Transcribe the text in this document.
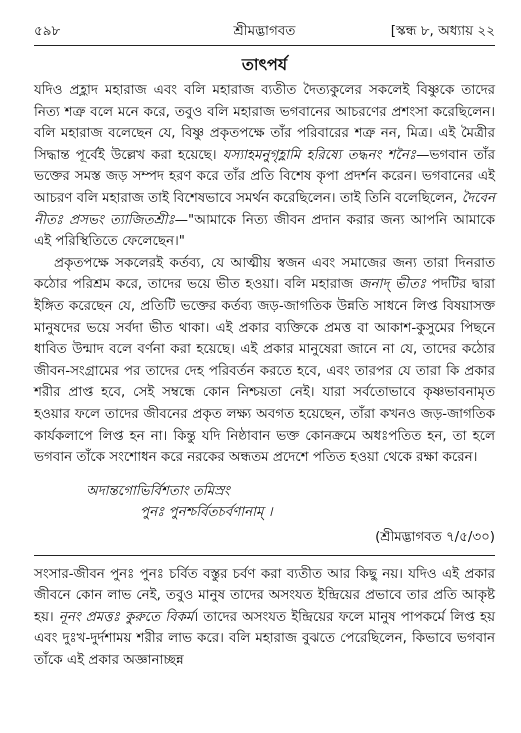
৫৯৮	শ্রীমদ্ভাগবত	[স্কন্ধ ৮, অধ্যায় ২২
তাৎপর্য

যদিও প্রহ্লাদ মহারাজ এবং বলি মহারাজ ব্যতীত দৈত্যকুলের সকলেই বিষ্ণুকে তাদের নিত্য শত্রু বলে মনে করে, তবুও বলি মহারাজ ভগবানের আচরণের প্রশংসা করেছিলেন। বলি মহারাজ বলেছেন যে, বিষ্ণু প্রকৃতপক্ষে তাঁর পরিবারের শত্রু নন, মিত্র। এই মৈত্রীর সিদ্ধান্ত পূর্বেই উল্লেখ করা হয়েছে। যস্যাহমনুগৃহ্ণামি হরিষ্যে তদ্ধনং শনৈঃ—ভগবান তাঁর ভক্তের সমস্ত জড় সম্পদ হরণ করে তাঁর প্রতি বিশেষ কৃপা প্রদর্শন করেন। ভগবানের এই আচরণ বলি মহারাজ তাই বিশেষভাবে সমর্থন করেছিলেন। তাই তিনি বলেছিলেন, দৈবেন নীতঃ প্রসভং ত্যাজিতশ্রীঃ—"আমাকে নিত্য জীবন প্রদান করার জন্য আপনি আমাকে এই পরিস্থিতিতে ফেলেছেন।"

প্রকৃতপক্ষে সকলেরই কর্তব্য, যে আত্মীয় স্বজন এবং সমাজের জন্য তারা দিনরাত কঠোর পরিশ্রম করে, তাদের ভয়ে ভীত হওয়া। বলি মহারাজ জনাদ্ ভীতঃ পদটির দ্বারা ইঙ্গিত করেছেন যে, প্রতিটি ভক্তের কর্তব্য জড়-জাগতিক উন্নতি সাধনে লিপ্ত বিষয়াসক্ত মানুষদের ভয়ে সর্বদা ভীত থাকা। এই প্রকার ব্যক্তিকে প্রমত্ত বা আকাশ-কুসুমের পিছনে ধাবিত উন্মাদ বলে বর্ণনা করা হয়েছে। এই প্রকার মানুষেরা জানে না যে, তাদের কঠোর জীবন-সংগ্রামের পর তাদের দেহ পরিবর্তন করতে হবে, এবং তারপর যে তারা কি প্রকার শরীর প্রাপ্ত হবে, সেই সম্বন্ধে কোন নিশ্চয়তা নেই। যারা সর্বতোভাবে কৃষ্ণভাবনামৃত হওয়ার ফলে তাদের জীবনের প্রকৃত লক্ষ্য অবগত হয়েছেন, তাঁরা কখনও জড়-জাগতিক কার্যকলাপে লিপ্ত হন না। কিন্তু যদি নিষ্ঠাবান ভক্ত কোনক্রমে অধঃপতিত হন, তা হলে ভগবান তাঁকে সংশোধন করে নরকের অন্ধতম প্রদেশে পতিত হওয়া থেকে রক্ষা করেন।

অদান্তগোভির্বিশতাং তমিস্রং
পুনঃ পুনশ্চর্বিতচর্বণানাম্ ।
(শ্রীমদ্ভাগবত ৭/৫/৩০)

সংসার-জীবন পুনঃ পুনঃ চর্বিত বস্তুর চর্বণ করা ব্যতীত আর কিছু নয়। যদিও এই প্রকার জীবনে কোন লাভ নেই, তবুও মানুষ তাদের অসংযত ইন্দ্রিয়ের প্রভাবে তার প্রতি আকৃষ্ট হয়। নূনং প্রমত্তঃ কুরুতে বিকর্ম। তাদের অসংযত ইন্দ্রিয়ের ফলে মানুষ পাপকর্মে লিপ্ত হয় এবং দুঃখ-দুর্দশাময় শরীর লাভ করে। বলি মহারাজ বুঝতে পেরেছিলেন, কিভাবে ভগবান তাঁকে এই প্রকার অজ্ঞানাচ্ছন্ন
